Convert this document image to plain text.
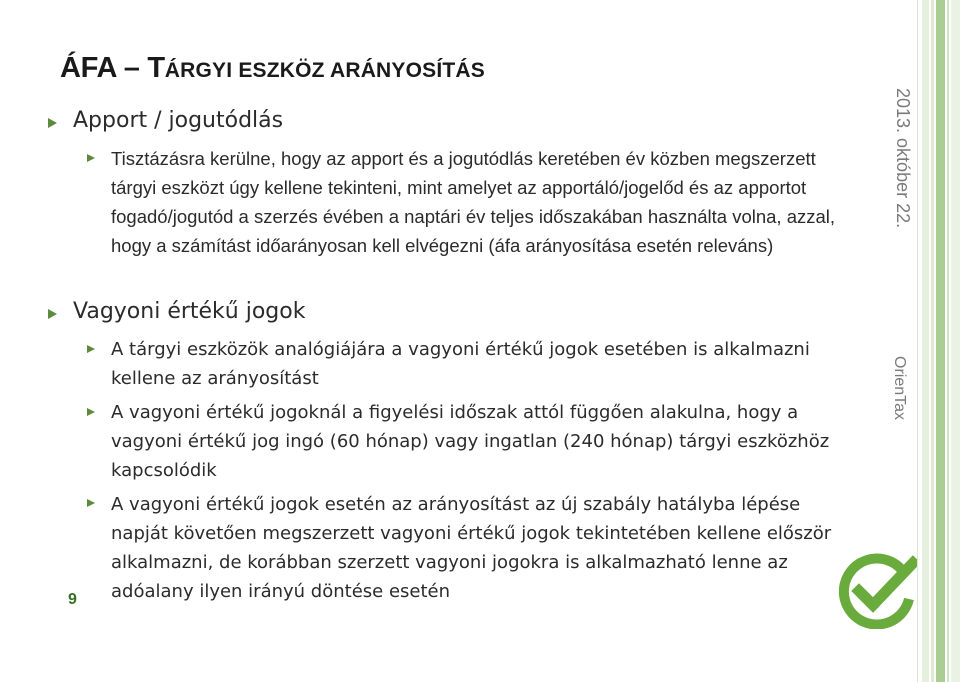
ÁFA – TÁRGYI ESZKÖZ ARÁNYOSÍTÁS
Apport / jogutódlás
Tisztázásra kerülne, hogy az apport és a jogutódlás keretében év közben megszerzett tárgyi eszközt úgy kellene tekinteni, mint amelyet az apportáló/jogelőd és az apportot fogadó/jogutód a szerzés évében a naptári év teljes időszakában használta volna, azzal, hogy a számítást időarányosan kell elvégezni (áfa arányosítása esetén releváns)
Vagyoni értékű jogok
A tárgyi eszközök analógiájára a vagyoni értékű jogok esetében is alkalmazni kellene az arányosítást
A vagyoni értékű jogoknál a figyelési időszak attól függően alakulna, hogy a vagyoni értékű jog ingó (60 hónap) vagy ingatlan (240 hónap) tárgyi eszközhöz kapcsolódik
A vagyoni értékű jogok esetén az arányosítást az új szabály hatályba lépése napját követően megszerzett vagyoni értékű jogok tekintetében kellene először alkalmazni, de korábban szerzett vagyoni jogokra is alkalmazható lenne az adóalany ilyen irányú döntése esetén
9
2013. október 22.
OrienTax
